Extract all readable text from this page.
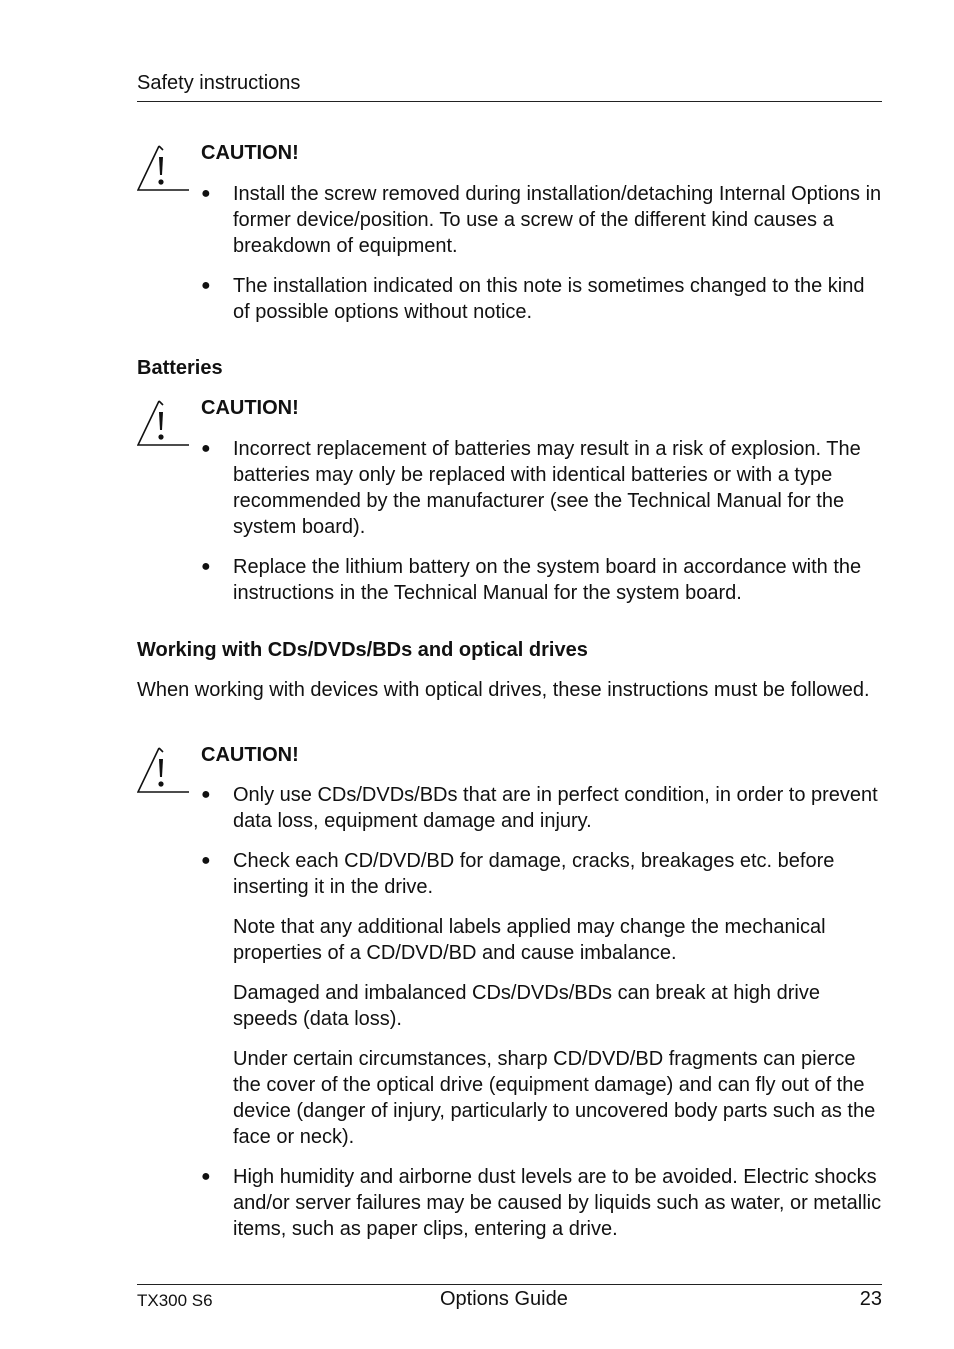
Safety instructions
CAUTION!
● Install the screw removed during installation/detaching Internal Options in former device/position. To use a screw of the different kind causes a breakdown of equipment.

● The installation indicated on this note is sometimes changed to the kind of possible options without notice.

Batteries
CAUTION!
● Incorrect replacement of batteries may result in a risk of explosion. The batteries may only be replaced with identical batteries or with a type recommended by the manufacturer (see the Technical Manual for the system board).

● Replace the lithium battery on the system board in accordance with the instructions in the Technical Manual for the system board.

Working with CDs/DVDs/BDs and optical drives

When working with devices with optical drives, these instructions must be followed.

CAUTION!
● Only use CDs/DVDs/BDs that are in perfect condition, in order to prevent data loss, equipment damage and injury.

● Check each CD/DVD/BD for damage, cracks, breakages etc. before inserting it in the drive.

Note that any additional labels applied may change the mechanical properties of a CD/DVD/BD and cause imbalance.

Damaged and imbalanced CDs/DVDs/BDs can break at high drive speeds (data loss).

Under certain circumstances, sharp CD/DVD/BD fragments can pierce the cover of the optical drive (equipment damage) and can fly out of the device (danger of injury, particularly to uncovered body parts such as the face or neck).

● High humidity and airborne dust levels are to be avoided. Electric shocks and/or server failures may be caused by liquids such as water, or metallic items, such as paper clips, entering a drive.

TX300 S6	Options Guide	23
